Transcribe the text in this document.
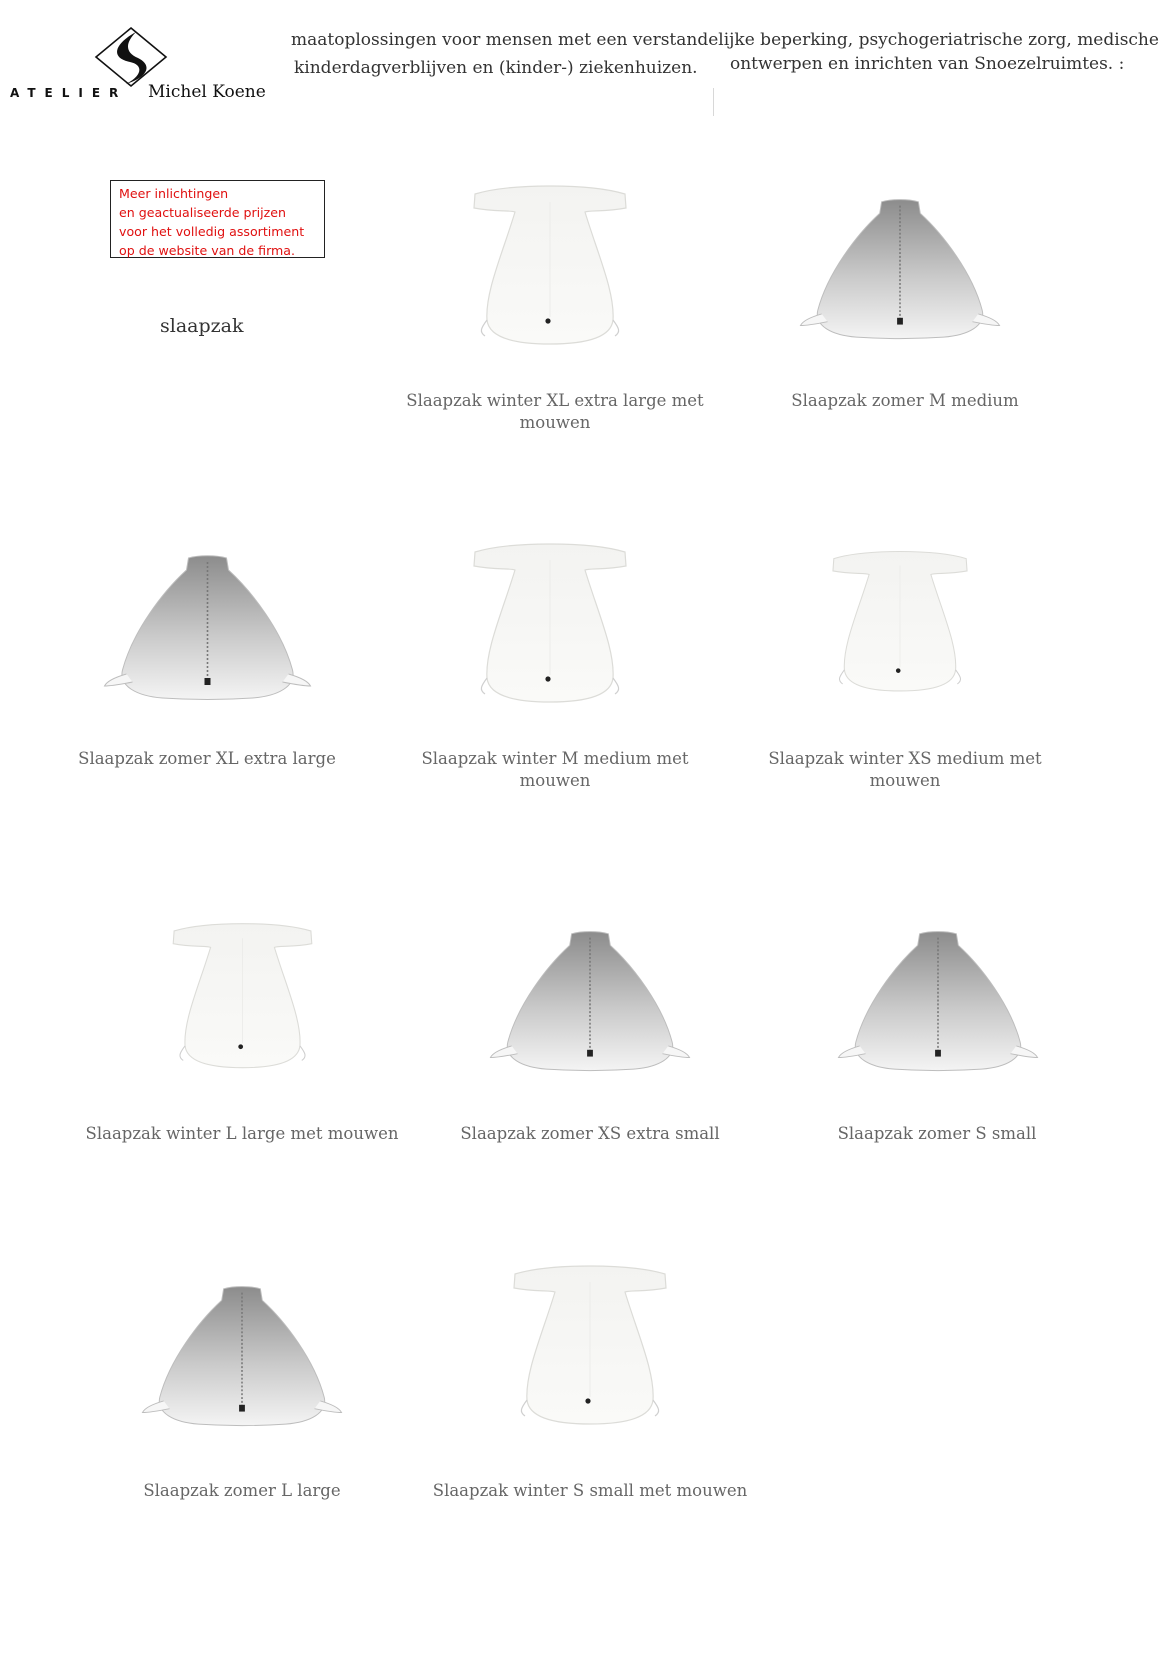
ATELIER Michel Koene
maatoplossingen voor mensen met een verstandelijke beperking, psychogeriatrische zorg, medische
kinderdagverblijven en (kinder-) ziekenhuizen. ontwerpen en inrichten van Snoezelruimtes. :
Meer inlichtingen
en geactualiseerde prijzen
voor het volledig assortiment
op de website van de firma.
slaapzak
Slaapzak winter XL extra large met
mouwen
Slaapzak zomer M medium
Slaapzak zomer XL extra large	Slaapzak winter M medium met
mouwen
Slaapzak winter XS medium met
mouwen
Slaapzak winter L large met mouwen	Slaapzak zomer XS extra small	Slaapzak zomer S small
Slaapzak zomer L large	Slaapzak winter S small met mouwen
